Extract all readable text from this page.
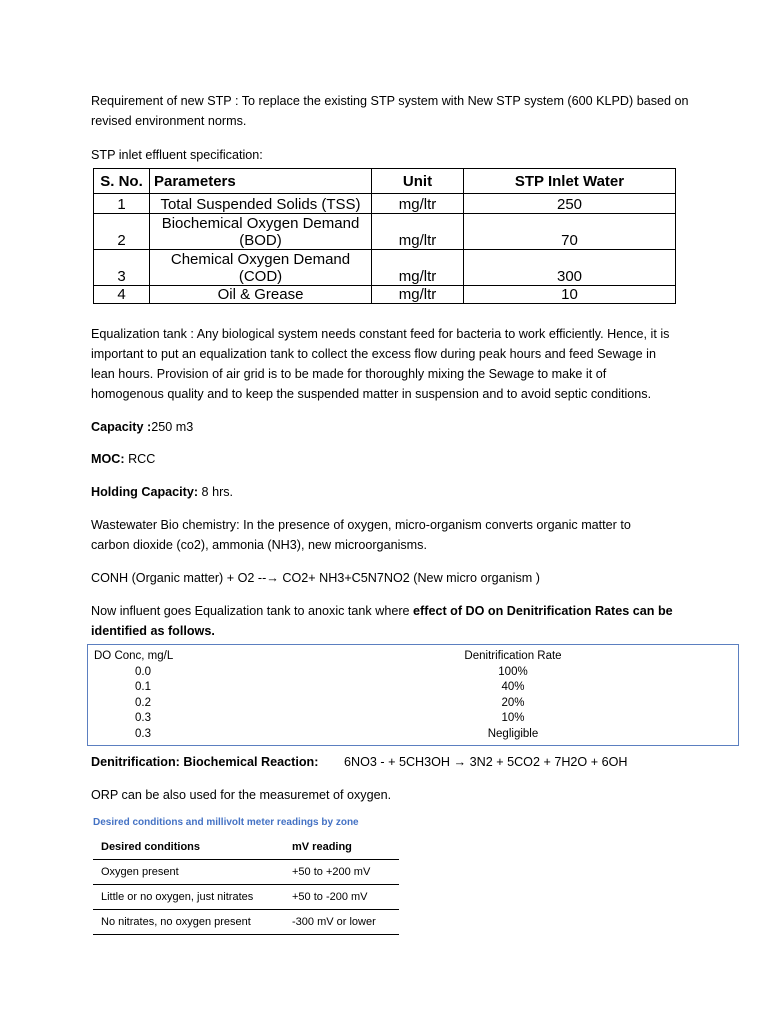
Requirement of new STP : To replace the existing STP system with New STP system (600 KLPD) based on revised environment norms.

STP inlet effluent specification:

S. No.	Parameters	Unit	STP Inlet Water
1	Total Suspended Solids (TSS)	mg/ltr	250
2	Biochemical Oxygen Demand (BOD)	mg/ltr	70
3	Chemical Oxygen Demand (COD)	mg/ltr	300
4	Oil & Grease	mg/ltr	10

Equalization tank : Any biological system needs constant feed for bacteria to work efficiently. Hence, it is important to put an equalization tank to collect the excess flow during peak hours and feed Sewage in lean hours. Provision of air grid is to be made for thoroughly mixing the Sewage to make it of homogenous quality and to keep the suspended matter in suspension and to avoid septic conditions.

Capacity :250 m3

MOC: RCC

Holding Capacity: 8 hrs.

Wastewater Bio chemistry: In the presence of oxygen, micro-organism converts organic matter to carbon dioxide (co2), ammonia (NH3), new microorganisms.

CONH (Organic matter) + O2 --→ CO2+ NH3+C5N7NO2 (New micro organism )

Now influent goes Equalization tank to anoxic tank where effect of DO on Denitrification Rates can be identified as follows.

DO Conc, mg/L	Denitrification Rate
0.0	100%
0.1	40%
0.2	20%
0.3	10%
0.3	Negligible
Denitrification: Biochemical Reaction: 6NO3 - + 5CH3OH → 3N2 + 5CO2 + 7H2O + 6OH

ORP can be also used for the measuremet of oxygen.

Desired conditions and millivolt meter readings by zone
Desired conditions	mV reading
Oxygen present	+50 to +200 mV
Little or no oxygen, just nitrates	+50 to -200 mV
No nitrates, no oxygen present	-300 mV or lower
